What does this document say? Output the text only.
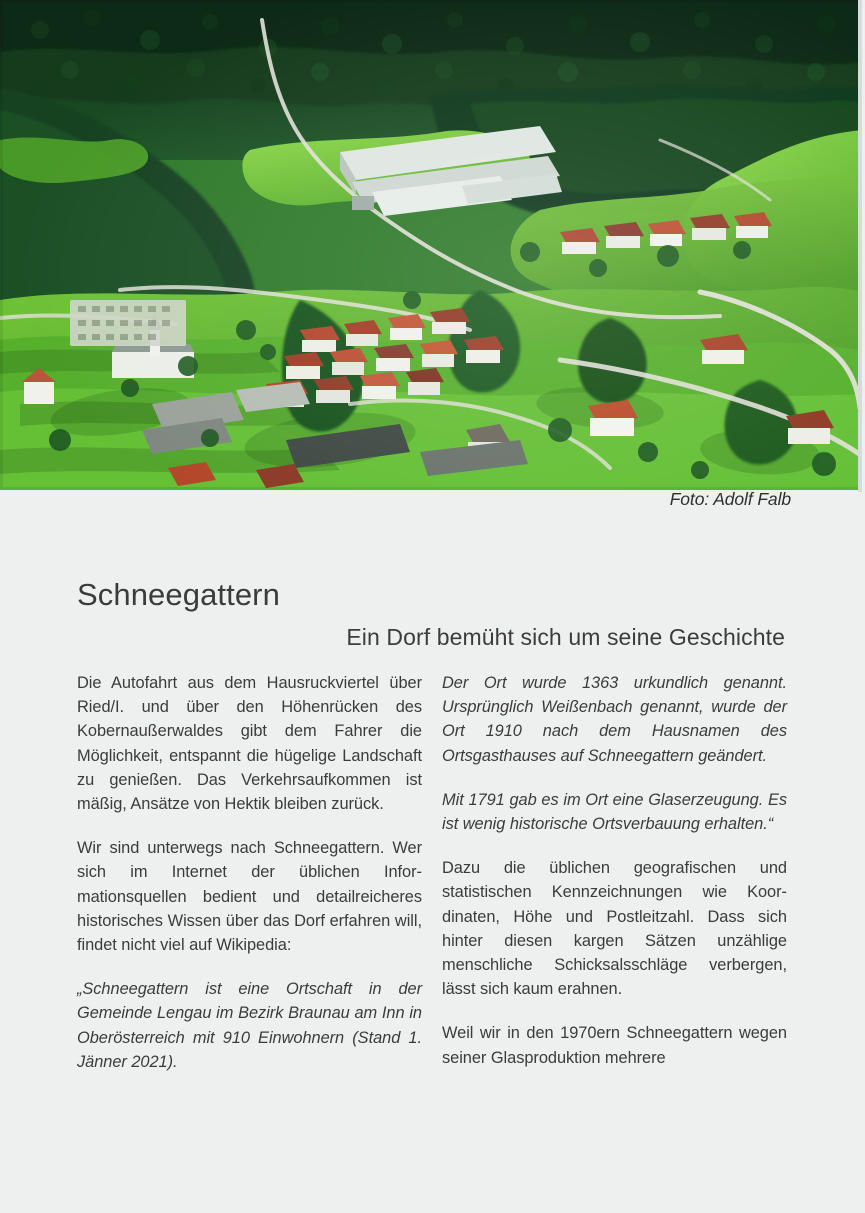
Foto: Adolf Falb
Schneegattern
Ein Dorf bemüht sich um seine Geschichte

Die Autofahrt aus dem Hausruckviertel über Ried/I. und über den Höhenrücken des Kobernaußerwaldes gibt dem Fahrer die Möglichkeit, entspannt die hügelige Landschaft zu genießen. Das Verkehrsaufkommen ist mäßig, Ansätze von Hektik bleiben zurück.

Wir sind unterwegs nach Schneegattern. Wer sich im Internet der üblichen Informationsquellen bedient und detailreicheres historisches Wissen über das Dorf erfahren will, findet nicht viel auf Wikipedia:

„Schneegattern ist eine Ortschaft in der Gemeinde Lengau im Bezirk Braunau am Inn in Oberösterreich mit 910 Einwohnern (Stand 1. Jänner 2021).

Der Ort wurde 1363 urkundlich genannt. Ursprünglich Weißenbach genannt, wurde der Ort 1910 nach dem Hausnamen des Ortsgasthauses auf Schneegattern geändert.

Mit 1791 gab es im Ort eine Glaserzeugung. Es ist wenig historische Ortsverbauung erhalten.“

Dazu die üblichen geografischen und statistischen Kennzeichnungen wie Koordinaten, Höhe und Postleitzahl. Dass sich hinter diesen kargen Sätzen unzählige menschliche Schicksalsschläge verbergen, lässt sich kaum erahnen.

Weil wir in den 1970ern Schneegattern wegen seiner Glasproduktion mehrere
